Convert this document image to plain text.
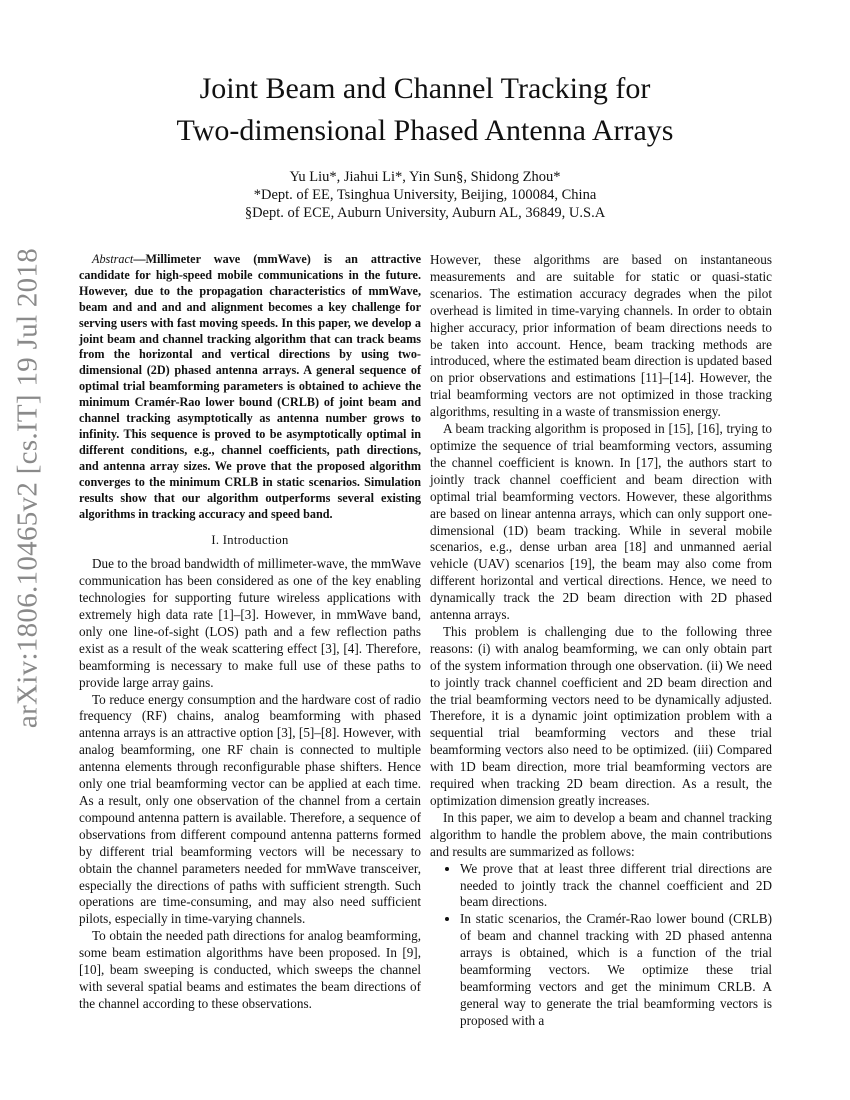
arXiv:1806.10465v2 [cs.IT] 19 Jul 2018
Joint Beam and Channel Tracking for
Two-dimensional Phased Antenna Arrays
Yu Liu*, Jiahui Li*, Yin Sun§, Shidong Zhou*
*Dept. of EE, Tsinghua University, Beijing, 100084, China
§Dept. of ECE, Auburn University, Auburn AL, 36849, U.S.A

Abstract—Millimeter wave (mmWave) is an attractive candidate for high-speed mobile communications in the future. However, due to the propagation characteristics of mmWave, beam and and and and alignment becomes a key challenge for serving users with fast moving speeds. In this paper, we develop a joint beam and channel tracking algorithm that can track beams from the horizontal and vertical directions by using two-dimensional (2D) phased antenna arrays. A general sequence of optimal trial beamforming parameters is obtained to achieve the minimum Cramér-Rao lower bound (CRLB) of joint beam and channel tracking asymptotically as antenna number grows to infinity. This sequence is proved to be asymptotically optimal in different conditions, e.g., channel coefficients, path directions, and antenna array sizes. We prove that the proposed algorithm converges to the minimum CRLB in static scenarios. Simulation results show that our algorithm outperforms several existing algorithms in tracking accuracy and speed band.

I. Introduction

Due to the broad bandwidth of millimeter-wave, the mmWave communication has been considered as one of the key enabling technologies for supporting future wireless applications with extremely high data rate [1]–[3]. However, in mmWave band, only one line-of-sight (LOS) path and a few reflection paths exist as a result of the weak scattering effect [3], [4]. Therefore, beamforming is necessary to make full use of these paths to provide large array gains.

To reduce energy consumption and the hardware cost of radio frequency (RF) chains, analog beamforming with phased antenna arrays is an attractive option [3], [5]–[8]. However, with analog beamforming, one RF chain is connected to multiple antenna elements through reconfigurable phase shifters. Hence only one trial beamforming vector can be applied at each time. As a result, only one observation of the channel from a certain compound antenna pattern is available. Therefore, a sequence of observations from different compound antenna patterns formed by different trial beamforming vectors will be necessary to obtain the channel parameters needed for mmWave transceiver, especially the directions of paths with sufficient strength. Such operations are time-consuming, and may also need sufficient pilots, especially in time-varying channels.

To obtain the needed path directions for analog beamforming, some beam estimation algorithms have been proposed. In [9], [10], beam sweeping is conducted, which sweeps the channel with several spatial beams and estimates the beam directions of the channel according to these observations.

However, these algorithms are based on instantaneous measurements and are suitable for static or quasi-static scenarios. The estimation accuracy degrades when the pilot overhead is limited in time-varying channels. In order to obtain higher accuracy, prior information of beam directions needs to be taken into account. Hence, beam tracking methods are introduced, where the estimated beam direction is updated based on prior observations and estimations [11]–[14]. However, the trial beamforming vectors are not optimized in those tracking algorithms, resulting in a waste of transmission energy.

A beam tracking algorithm is proposed in [15], [16], trying to optimize the sequence of trial beamforming vectors, assuming the channel coefficient is known. In [17], the authors start to jointly track channel coefficient and beam direction with optimal trial beamforming vectors. However, these algorithms are based on linear antenna arrays, which can only support one-dimensional (1D) beam tracking. While in several mobile scenarios, e.g., dense urban area [18] and unmanned aerial vehicle (UAV) scenarios [19], the beam may also come from different horizontal and vertical directions. Hence, we need to dynamically track the 2D beam direction with 2D phased antenna arrays.

This problem is challenging due to the following three reasons: (i) with analog beamforming, we can only obtain part of the system information through one observation. (ii) We need to jointly track channel coefficient and 2D beam direction and the trial beamforming vectors need to be dynamically adjusted. Therefore, it is a dynamic joint optimization problem with a sequential trial beamforming vectors and these trial beamforming vectors also need to be optimized. (iii) Compared with 1D beam direction, more trial beamforming vectors are required when tracking 2D beam direction. As a result, the optimization dimension greatly increases.

In this paper, we aim to develop a beam and channel tracking algorithm to handle the problem above, the main contributions and results are summarized as follows:

• We prove that at least three different trial directions are needed to jointly track the channel coefficient and 2D beam directions.
• In static scenarios, the Cramér-Rao lower bound (CRLB) of beam and channel tracking with 2D phased antenna arrays is obtained, which is a function of the trial beamforming vectors. We optimize these trial beamforming vectors and get the minimum CRLB. A general way to generate the trial beamforming vectors is proposed with a
